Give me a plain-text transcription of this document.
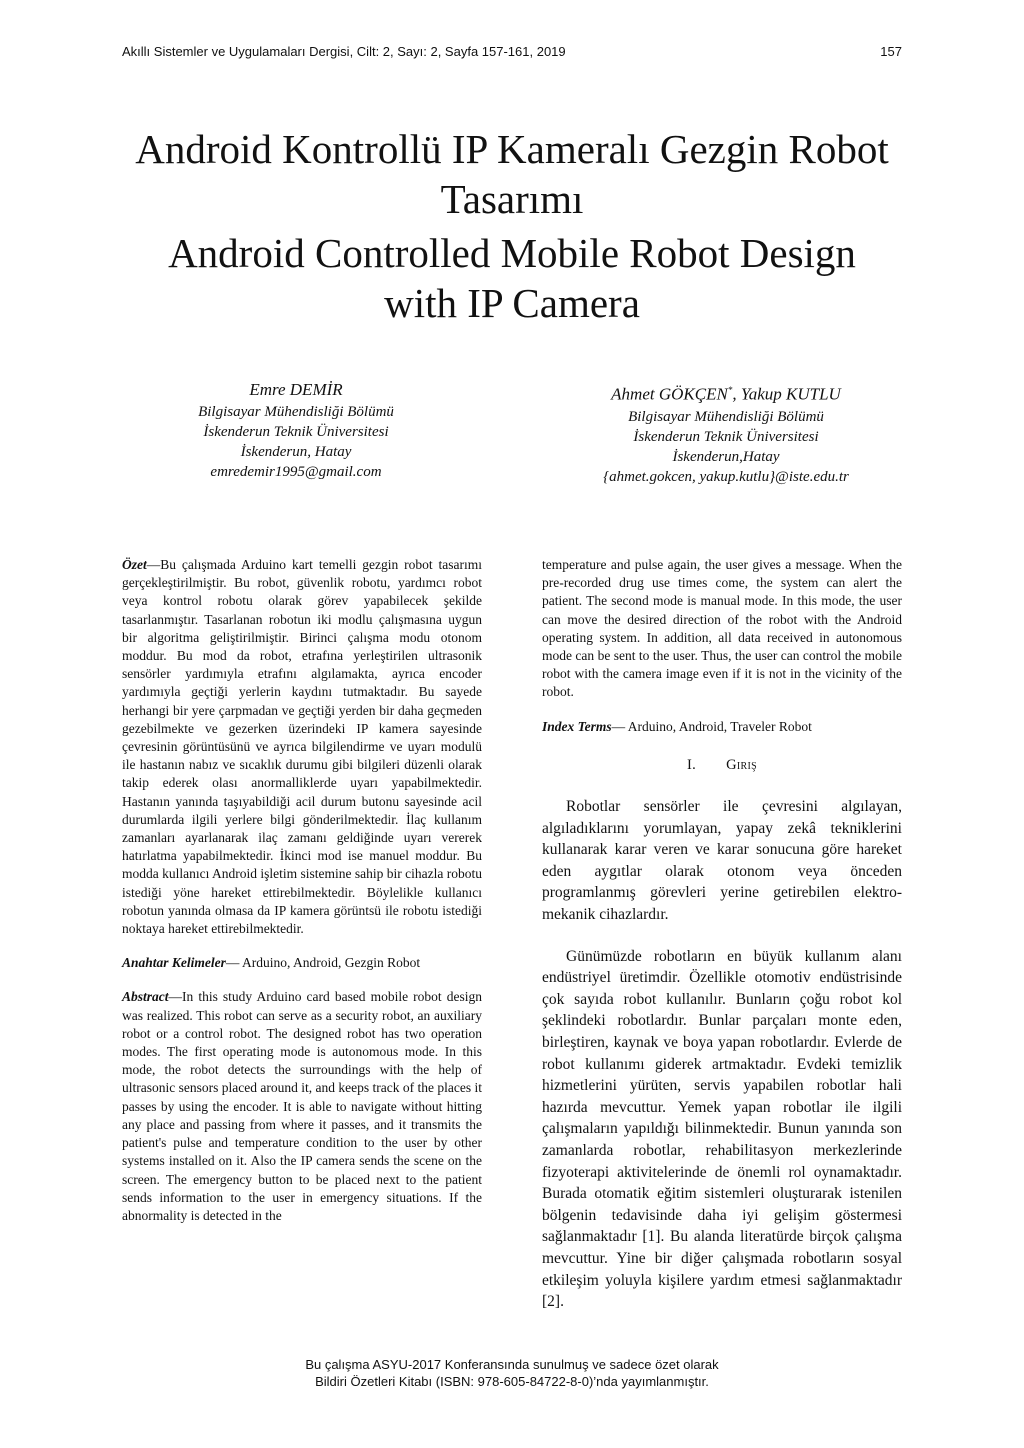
Akıllı Sistemler ve Uygulamaları Dergisi, Cilt: 2, Sayı: 2, Sayfa 157-161, 2019	157
Android Kontrollü IP Kameralı Gezgin Robot
Tasarımı
Android Controlled Mobile Robot Design
with IP Camera
Emre DEMİR
Bilgisayar Mühendisliği Bölümü
İskenderun Teknik Üniversitesi
İskenderun, Hatay
emredemir1995@gmail.com
Ahmet GÖKÇEN*, Yakup KUTLU
Bilgisayar Mühendisliği Bölümü
İskenderun Teknik Üniversitesi
İskenderun,Hatay
{ahmet.gokcen, yakup.kutlu}@iste.edu.tr

Özet—Bu çalışmada Arduino kart temelli gezgin robot tasarımı gerçekleştirilmiştir. Bu robot, güvenlik robotu, yardımcı robot veya kontrol robotu olarak görev yapabilecek şekilde tasarlanmıştır. Tasarlanan robotun iki modlu çalışmasına uygun bir algoritma geliştirilmiştir. Birinci çalışma modu otonom moddur. Bu mod da robot, etrafına yerleştirilen ultrasonik sensörler yardımıyla etrafını algılamakta, ayrıca encoder yardımıyla geçtiği yerlerin kaydını tutmaktadır. Bu sayede herhangi bir yere çarpmadan ve geçtiği yerden bir daha geçmeden gezebilmekte ve gezerken üzerindeki IP kamera sayesinde çevresinin görüntüsünü ve ayrıca bilgilendirme ve uyarı modulü ile hastanın nabız ve sıcaklık durumu gibi bilgileri düzenli olarak takip ederek olası anormalliklerde uyarı yapabilmektedir. Hastanın yanında taşıyabildiği acil durum butonu sayesinde acil durumlarda ilgili yerlere bilgi gönderilmektedir. İlaç kullanım zamanları ayarlanarak ilaç zamanı geldiğinde uyarı vererek hatırlatma yapabilmektedir. İkinci mod ise manuel moddur. Bu modda kullanıcı Android işletim sistemine sahip bir cihazla robotu istediği yöne hareket ettirebilmektedir. Böylelikle kullanıcı robotun yanında olmasa da IP kamera görüntsü ile robotu istediği noktaya hareket ettirebilmektedir.

Anahtar Kelimeler— Arduino, Android, Gezgin Robot

Abstract—In this study Arduino card based mobile robot design was realized. This robot can serve as a security robot, an auxiliary robot or a control robot. The designed robot has two operation modes. The first operating mode is autonomous mode. In this mode, the robot detects the surroundings with the help of ultrasonic sensors placed around it, and keeps track of the places it passes by using the encoder. It is able to navigate without hitting any place and passing from where it passes, and it transmits the patient's pulse and temperature condition to the user by other systems installed on it. Also the IP camera sends the scene on the screen. The emergency button to be placed next to the patient sends information to the user in emergency situations. If the abnormality is detected in the

temperature and pulse again, the user gives a message. When the pre-recorded drug use times come, the system can alert the patient. The second mode is manual mode. In this mode, the user can move the desired direction of the robot with the Android operating system. In addition, all data received in autonomous mode can be sent to the user. Thus, the user can control the mobile robot with the camera image even if it is not in the vicinity of the robot.

Index Terms— Arduino, Android, Traveler Robot

I. Giriş

Robotlar sensörler ile çevresini algılayan, algıladıklarını yorumlayan, yapay zekâ tekniklerini kullanarak karar veren ve karar sonucuna göre hareket eden aygıtlar olarak otonom veya önceden programlanmış görevleri yerine getirebilen elektro-mekanik cihazlardır.

Günümüzde robotların en büyük kullanım alanı endüstriyel üretimdir. Özellikle otomotiv endüstrisinde çok sayıda robot kullanılır. Bunların çoğu robot kol şeklindeki robotlardır. Bunlar parçaları monte eden, birleştiren, kaynak ve boya yapan robotlardır. Evlerde de robot kullanımı giderek artmaktadır. Evdeki temizlik hizmetlerini yürüten, servis yapabilen robotlar hali hazırda mevcuttur. Yemek yapan robotlar ile ilgili çalışmaların yapıldığı bilinmektedir. Bunun yanında son zamanlarda robotlar, rehabilitasyon merkezlerinde fizyoterapi aktivitelerinde de önemli rol oynamaktadır. Burada otomatik eğitim sistemleri oluşturarak istenilen bölgenin tedavisinde daha iyi gelişim göstermesi sağlanmaktadır [1]. Bu alanda literatürde birçok çalışma mevcuttur. Yine bir diğer çalışmada robotların sosyal etkileşim yoluyla kişilere yardım etmesi sağlanmaktadır [2].

Bu çalışma ASYU-2017 Konferansında sunulmuş ve sadece özet olarak
Bildiri Özetleri Kitabı (ISBN: 978-605-84722-8-0)’nda yayımlanmıştır.
